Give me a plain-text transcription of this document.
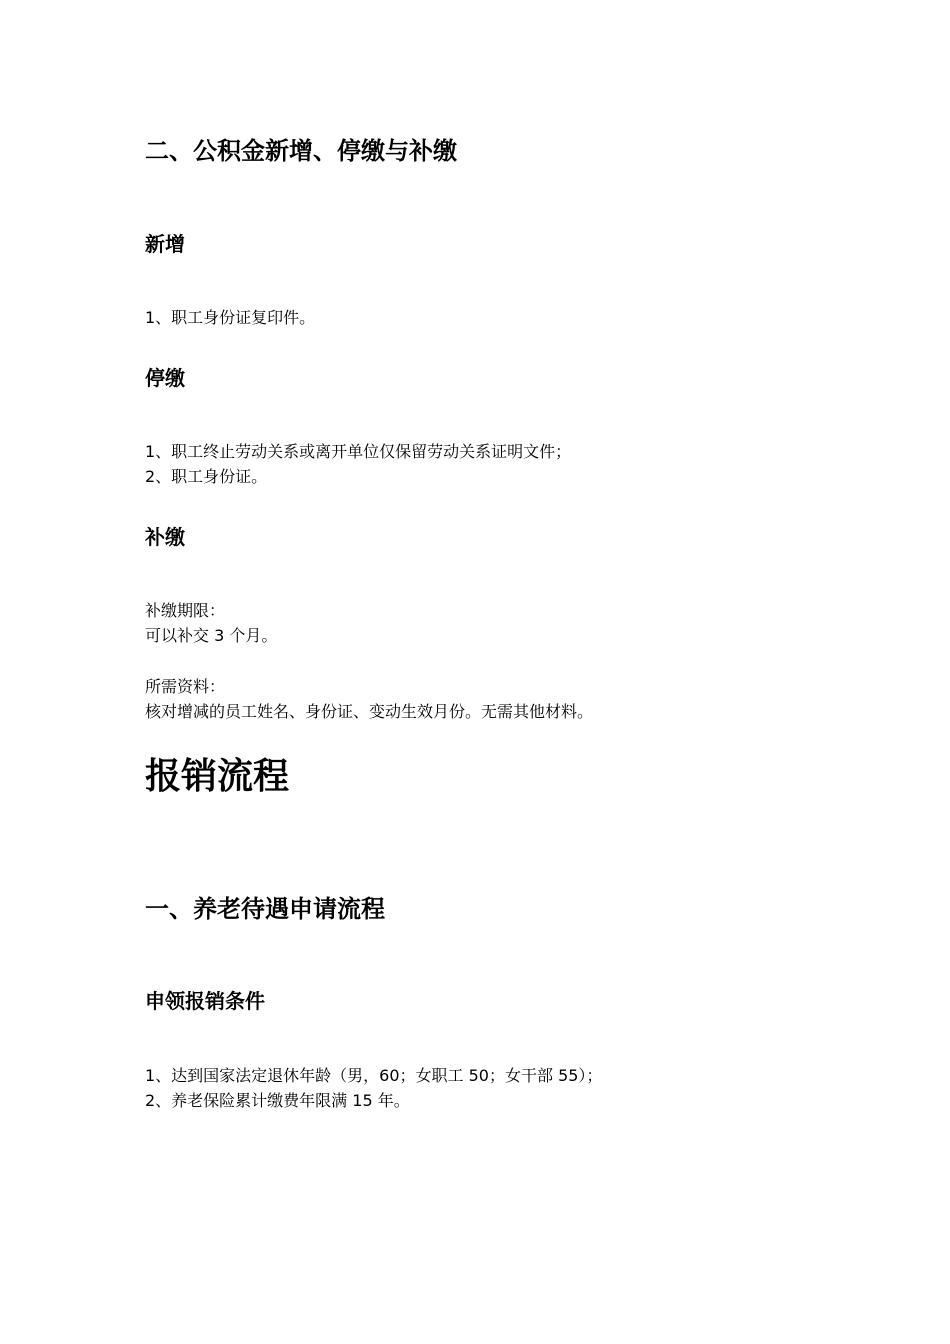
二、公积金新增、停缴与补缴
新增
1、职工身份证复印件。
停缴
1、职工终止劳动关系或离开单位仅保留劳动关系证明文件；
2、职工身份证。
补缴
补缴期限：
可以补交 3 个月。
所需资料：
核对增减的员工姓名、身份证、变动生效月份。无需其他材料。
报销流程
一、养老待遇申请流程
申领报销条件
1、达到国家法定退休年龄（男，60；女职工 50；女干部 55）；
2、养老保险累计缴费年限满 15 年。
